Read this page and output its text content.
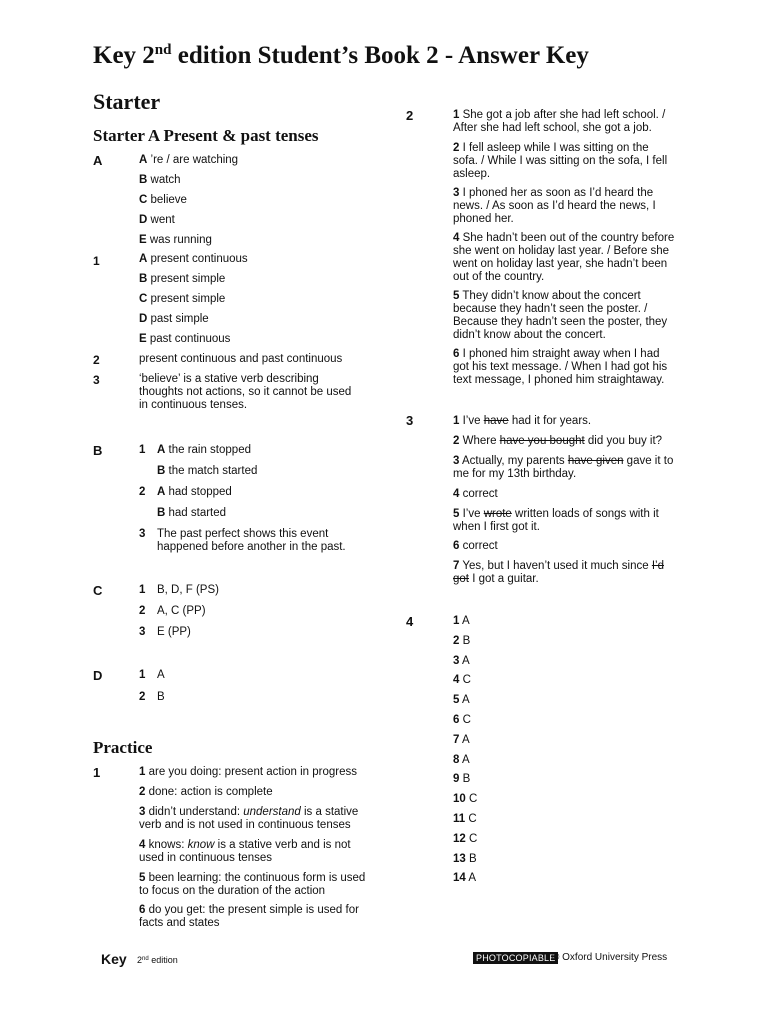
Key 2nd edition Student’s Book 2 - Answer Key
Starter
Starter A Present & past tenses
A	A ’re / are watching
B watch
C believe
D went
E was running
1	A present continuous
B present simple
C present simple
D past simple
E past continuous
2	present continuous and past continuous
3	‘believe’ is a stative verb describing thoughts not actions, so it cannot be used in continuous tenses.
B	1 A the rain stopped
B the match started
2 A had stopped
B had started
3 The past perfect shows this event happened before another in the past.
C	1 B, D, F (PS)
2 A, C (PP)
3 E (PP)
D	1 A
2 B
Practice
1	1 are you doing: present action in progress
2 done: action is complete
3 didn’t understand: understand is a stative verb and is not used in continuous tenses
4 knows: know is a stative verb and is not used in continuous tenses
5 been learning: the continuous form is used to focus on the duration of the action
6 do you get: the present simple is used for facts and states
2	1 She got a job after she had left school. / After she had left school, she got a job.
2 I fell asleep while I was sitting on the sofa. / While I was sitting on the sofa, I fell asleep.
3 I phoned her as soon as I’d heard the news. / As soon as I’d heard the news, I phoned her.
4 She hadn’t been out of the country before she went on holiday last year. / Before she went on holiday last year, she hadn’t been out of the country.
5 They didn’t know about the concert because they hadn’t seen the poster. / Because they hadn’t seen the poster, they didn’t know about the concert.
6 I phoned him straight away when I had got his text message. / When I had got his text message, I phoned him straightaway.
3	1 I’ve have had it for years.
2 Where have you bought did you buy it?
3 Actually, my parents have given gave it to me for my 13th birthday.
4 correct
5 I’ve wrote written loads of songs with it when I first got it.
6 correct
7 Yes, but I haven’t used it much since I’d got I got a guitar.
4	1 A
2 B
3 A
4 C
5 A
6 C
7 A
8 A
9 B
10 C
11 C
12 C
13 B
14 A
Key 2nd edition	PHOTOCOPIABLE
© Oxford University Press
